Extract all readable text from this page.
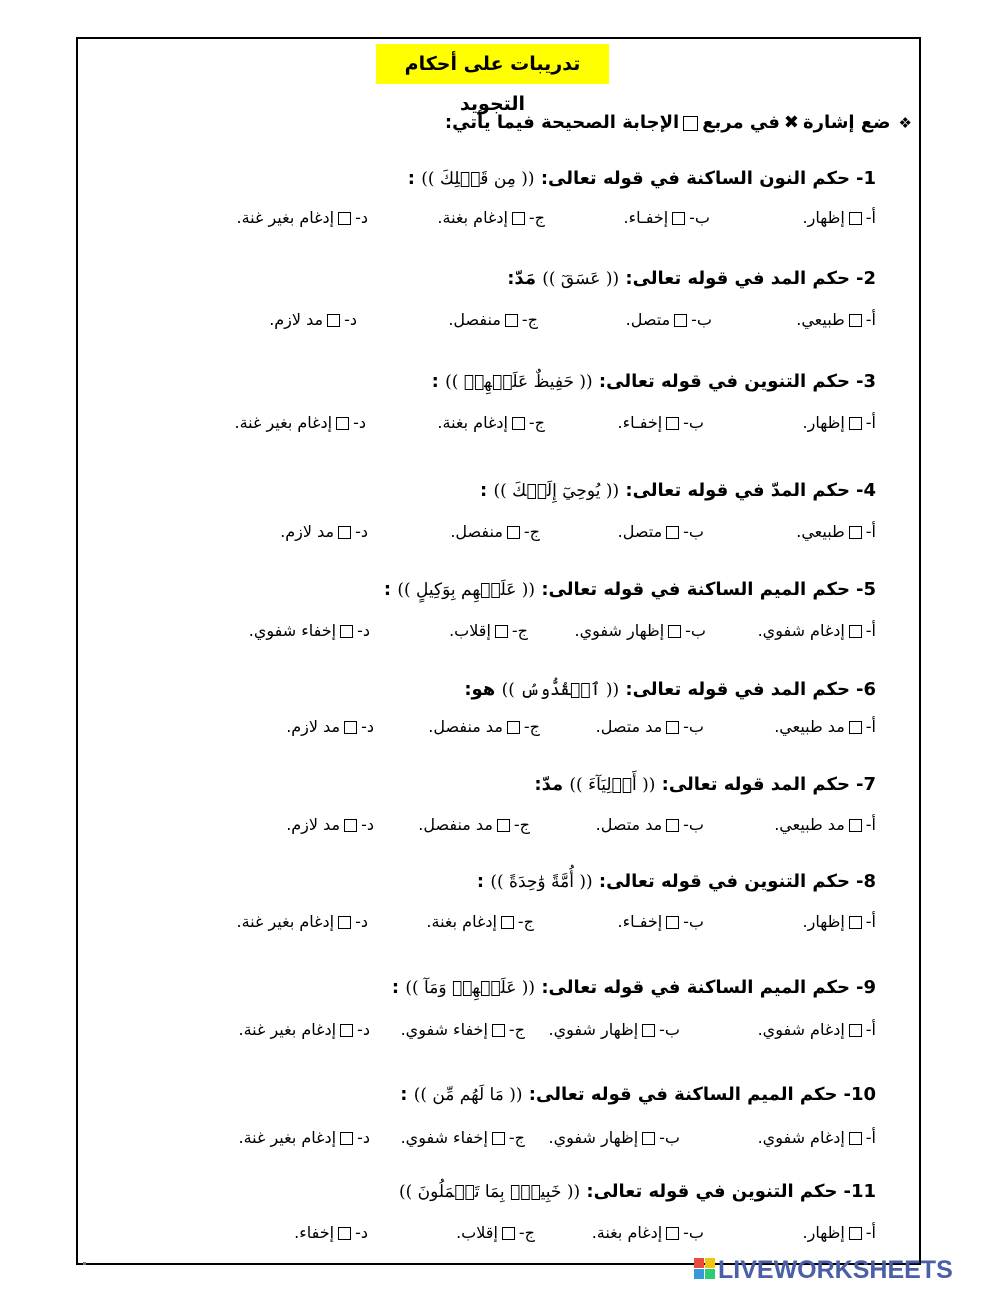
تدريبات على أحكام التجويد
❖ضع إشارة✖في مربعالإجابة الصحيحة فيما يأتي:
1-حكم النون الساكنة في قوله تعالى: (( مِن قَبۡلِكَ )) :
أ-إظهار.
ب-إخفـاء.
ج-إدغام بغنة.
د-إدغام بغير غنة.
2-حكم المد في قوله تعالى: (( عَسَقٓ )) مَدّ:
أ-طبيعي.
ب-متصل.
ج-منفصل.
د-مد لازم.
3-حكم التنوين في قوله تعالى: (( حَفِيظٌ عَلَيۡهِمۡ )) :
أ-إظهار.
ب-إخفـاء.
ج-إدغام بغنة.
د-إدغام بغير غنة.
4-حكم المدّ في قوله تعالى: (( يُوحِيٓ إِلَيۡكَ )) :
أ-طبيعي.
ب-متصل.
ج-منفصل.
د-مد لازم.
5-حكم الميم الساكنة في قوله تعالى: (( عَلَيۡهِم بِوَكِيلٍ )) :
أ-إدغام شفوي.
ب-إظهار شفوي.
ج-إقلاب.
د-إخفاء شفوي.
6-حكم المد في قوله تعالى: (( ٱلۡقُدُّوسُ )) هو:
أ-مد طبيعي.
ب-مد متصل.
ج-مد منفصل.
د-مد لازم.
7-حكم المد قوله تعالى: (( أَوۡلِيَآءَ )) مدّ:
أ-مد طبيعي.
ب-مد متصل.
ج-مد منفصل.
د-مد لازم.
8-حكم التنوين في قوله تعالى: (( أُمَّةً وَٰحِدَةً )) :
أ-إظهار.
ب-إخفـاء.
ج-إدغام بغنة.
د-إدغام بغير غنة.
9-حكم الميم الساكنة في قوله تعالى: (( عَلَيۡهِمۡ وَمَآ )) :
أ-إدغام شفوي.
ب-إظهار شفوي.
ج-إخفاء شفوي.
د-إدغام بغير غنة.
10-حكم الميم الساكنة في قوله تعالى: (( مَا لَهُم مِّن )) :
أ-إدغام شفوي.
ب-إظهار شفوي.
ج-إخفاء شفوي.
د-إدغام بغير غنة.
11-حكم التنوين في قوله تعالى: (( خَبِيرٌۢ بِمَا تَعۡمَلُونَ ))
أ-إظهار.
ب-إدغام بغنة.
ج-إقلاب.
د-إخفاء.
LIVEWORKSHEETS
